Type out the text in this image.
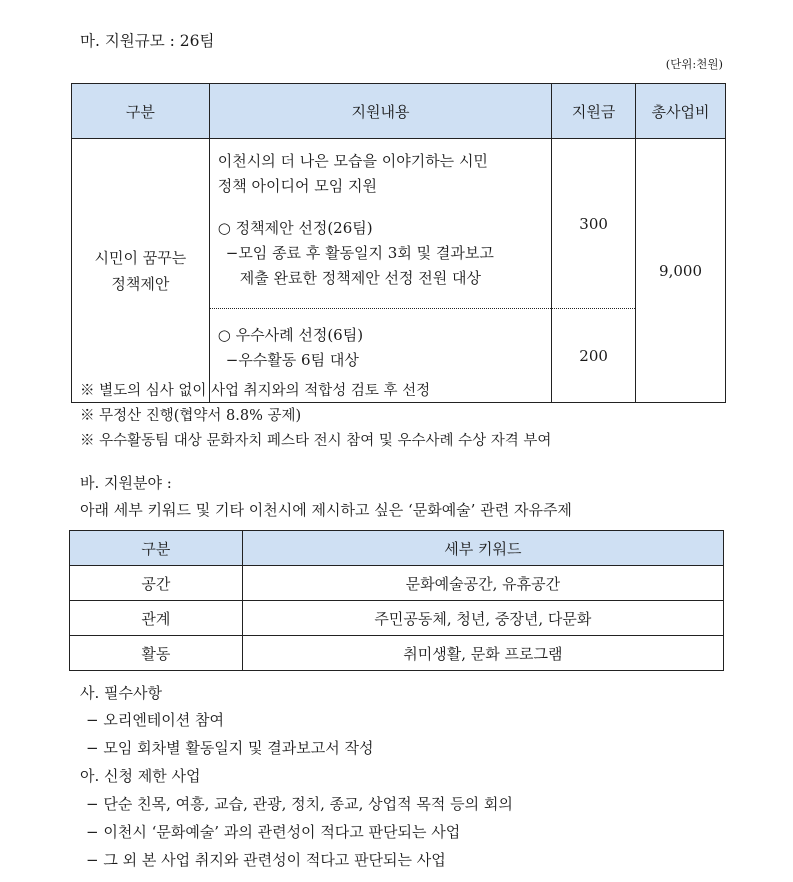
마. 지원규모 : 26팀
(단위:천원)
구분	지원내용	지원금	총사업비

시민이 꿈꾸는
정책제안	이천시의 더 나은 모습을 이야기하는 시민
정책 아이디어 모임 지원
○ 정책제안 선정(26팀)
−모임 종료 후 활동일지 3회 및 결과보고
제출 완료한 정책제안 선정 전원 대상	300	9,000

	○ 우수사례 선정(6팀)
−우수활동 6팀 대상	200	
※ 별도의 심사 없이 사업 취지와의 적합성 검토 후 선정
※ 무정산 진행(협약서 8.8% 공제)
※ 우수활동팀 대상 문화자치 페스타 전시 참여 및 우수사례 수상 자격 부여
바. 지원분야 :
아래 세부 키워드 및 기타 이천시에 제시하고 싶은 ‘문화예술’ 관련 자유주제
구분	세부 키워드
공간	문화예술공간, 유휴공간
관계	주민공동체, 청년, 중장년, 다문화
활동	취미생활, 문화 프로그램
사. 필수사항
− 오리엔테이션 참여
− 모임 회차별 활동일지 및 결과보고서 작성
아. 신청 제한 사업
− 단순 친목, 여흥, 교습, 관광, 정치, 종교, 상업적 목적 등의 회의
− 이천시 ‘문화예술’ 과의 관련성이 적다고 판단되는 사업
− 그 외 본 사업 취지와 관련성이 적다고 판단되는 사업
